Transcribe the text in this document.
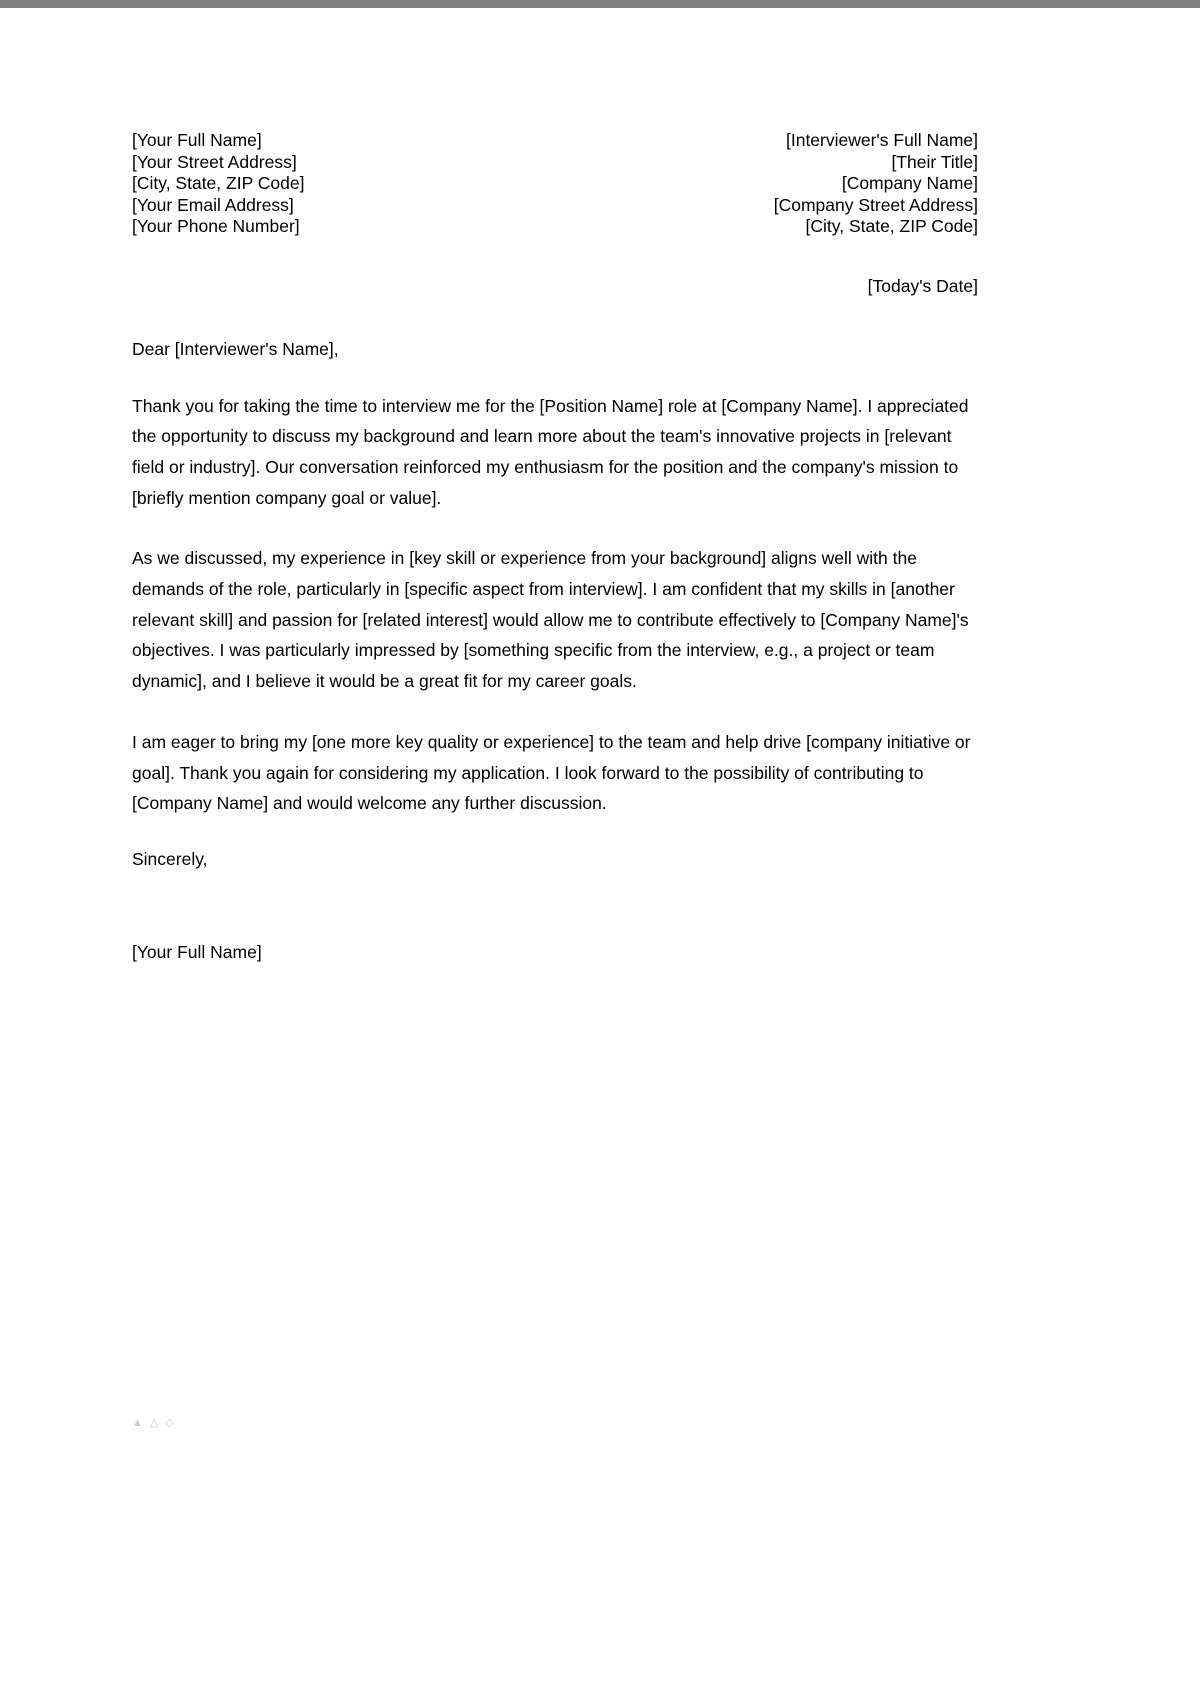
[Your Full Name]
[Your Street Address]
[City, State, ZIP Code]
[Your Email Address]
[Your Phone Number]
[Interviewer's Full Name]
[Their Title]
[Company Name]
[Company Street Address]
[City, State, ZIP Code]
[Today's Date]
Dear [Interviewer's Name],

Thank you for taking the time to interview me for the [Position Name] role at [Company Name]. I appreciated the opportunity to discuss my background and learn more about the team's innovative projects in [relevant field or industry]. Our conversation reinforced my enthusiasm for the position and the company's mission to [briefly mention company goal or value].

As we discussed, my experience in [key skill or experience from your background] aligns well with the demands of the role, particularly in [specific aspect from interview]. I am confident that my skills in [another relevant skill] and passion for [related interest] would allow me to contribute effectively to [Company Name]'s objectives. I was particularly impressed by [something specific from the interview, e.g., a project or team dynamic], and I believe it would be a great fit for my career goals.

I am eager to bring my [one more key quality or experience] to the team and help drive [company initiative or goal]. Thank you again for considering my application. I look forward to the possibility of contributing to [Company Name] and would welcome any further discussion.

Sincerely,
[Your Full Name]
▲ △ ◇
